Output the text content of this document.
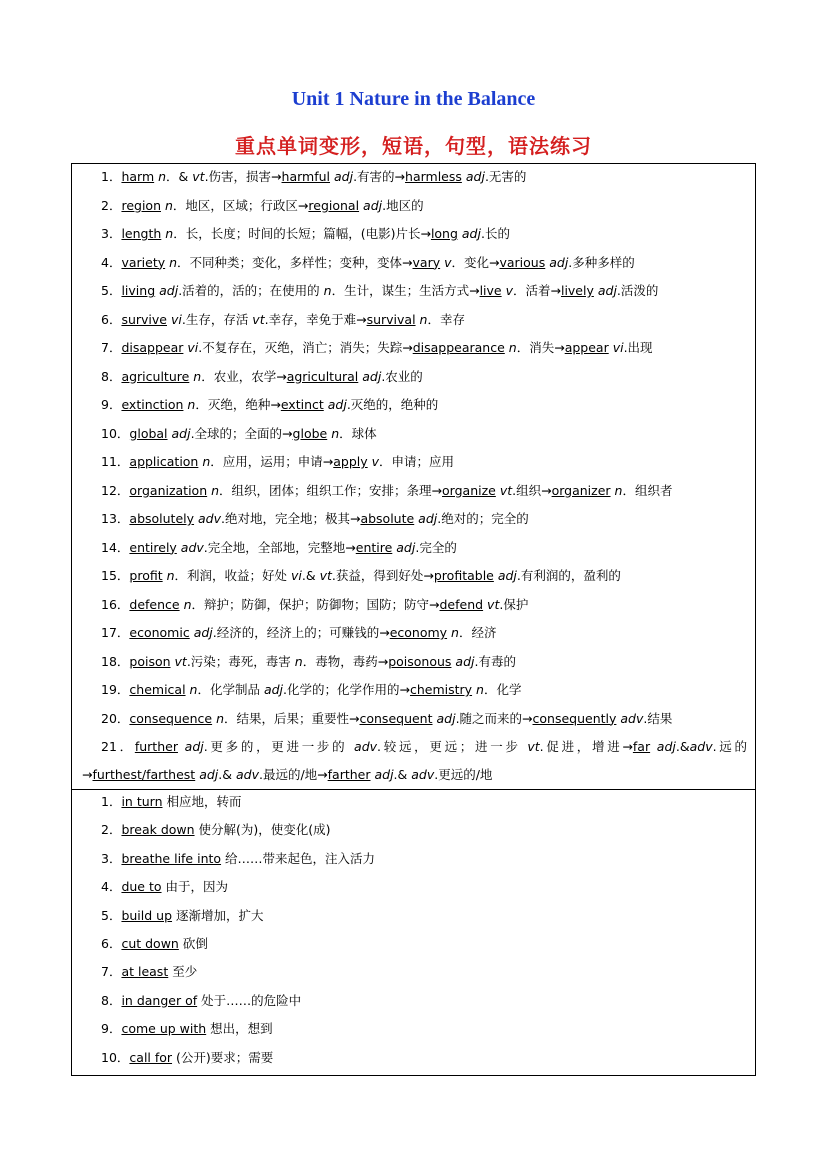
Unit 1 Nature in the Balance
重点单词变形，短语，句型，语法练习
1．harm n．& vt.伤害，损害→harmful adj.有害的→harmless adj.无害的
2．region n．地区，区域；行政区→regional adj.地区的
3．length n．长，长度；时间的长短；篇幅，(电影)片长→long adj.长的
4．variety n．不同种类；变化，多样性；变种，变体→vary v．变化→various adj.多种多样的
5．living adj.活着的，活的；在使用的 n．生计，谋生；生活方式→live v．活着→lively adj.活泼的
6．survive vi.生存，存活 vt.幸存，幸免于难→survival n．幸存
7．disappear vi.不复存在，灭绝，消亡；消失；失踪→disappearance n．消失→appear vi.出现
8．agriculture n．农业，农学→agricultural adj.农业的
9．extinction n．灭绝，绝种→extinct adj.灭绝的，绝种的
10．global adj.全球的；全面的→globe n．球体
11．application n．应用，运用；申请→apply v．申请；应用
12．organization n．组织，团体；组织工作；安排；条理→organize vt.组织→organizer n．组织者
13．absolutely adv.绝对地，完全地；极其→absolute adj.绝对的；完全的
14．entirely adv.完全地，全部地，完整地→entire adj.完全的
15．profit n．利润，收益；好处 vi.& vt.获益，得到好处→profitable adj.有利润的，盈利的
16．defence n．辩护；防御，保护；防御物；国防；防守→defend vt.保护
17．economic adj.经济的，经济上的；可赚钱的→economy n．经济
18．poison vt.污染；毒死，毒害 n．毒物，毒药→poisonous adj.有毒的
19．chemical n．化学制品 adj.化学的；化学作用的→chemistry n．化学
20．consequence n．结果，后果；重要性→consequent adj.随之而来的→consequently adv.结果
21．further adj.更多的，更进一步的 adv.较远，更远；进一步 vt.促进，增进→far adj.&adv.远的→furthest/farthest adj.& adv.最远的/地→farther adj.& adv.更远的/地
1．in turn 相应地，转而
2．break down 使分解(为)，使变化(成)
3．breathe life into 给……带来起色，注入活力
4．due to 由于，因为
5．build up 逐渐增加，扩大
6．cut down 砍倒
7．at least 至少
8．in danger of 处于……的危险中
9．come up with 想出，想到
10．call for (公开)要求；需要
